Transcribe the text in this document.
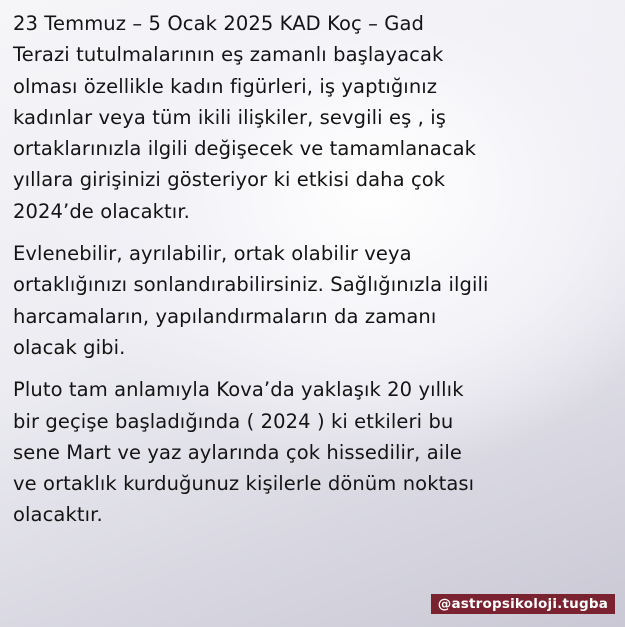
23 Temmuz – 5 Ocak 2025 KAD Koç – Gad
Terazi tutulmalarının eş zamanlı başlayacak
olması özellikle kadın figürleri, iş yaptığınız
kadınlar veya tüm ikili ilişkiler, sevgili eş , iş
ortaklarınızla ilgili değişecek ve tamamlanacak
yıllara girişinizi gösteriyor ki etkisi daha çok
2024’de olacaktır.

Evlenebilir, ayrılabilir, ortak olabilir veya
ortaklığınızı sonlandırabilirsiniz. Sağlığınızla ilgili
harcamaların, yapılandırmaların da zamanı
olacak gibi.

Pluto tam anlamıyla Kova’da yaklaşık 20 yıllık
bir geçişe başladığında ( 2024 ) ki etkileri bu
sene Mart ve yaz aylarında çok hissedilir, aile
ve ortaklık kurduğunuz kişilerle dönüm noktası
olacaktır.

@astropsikoloji.tugba
